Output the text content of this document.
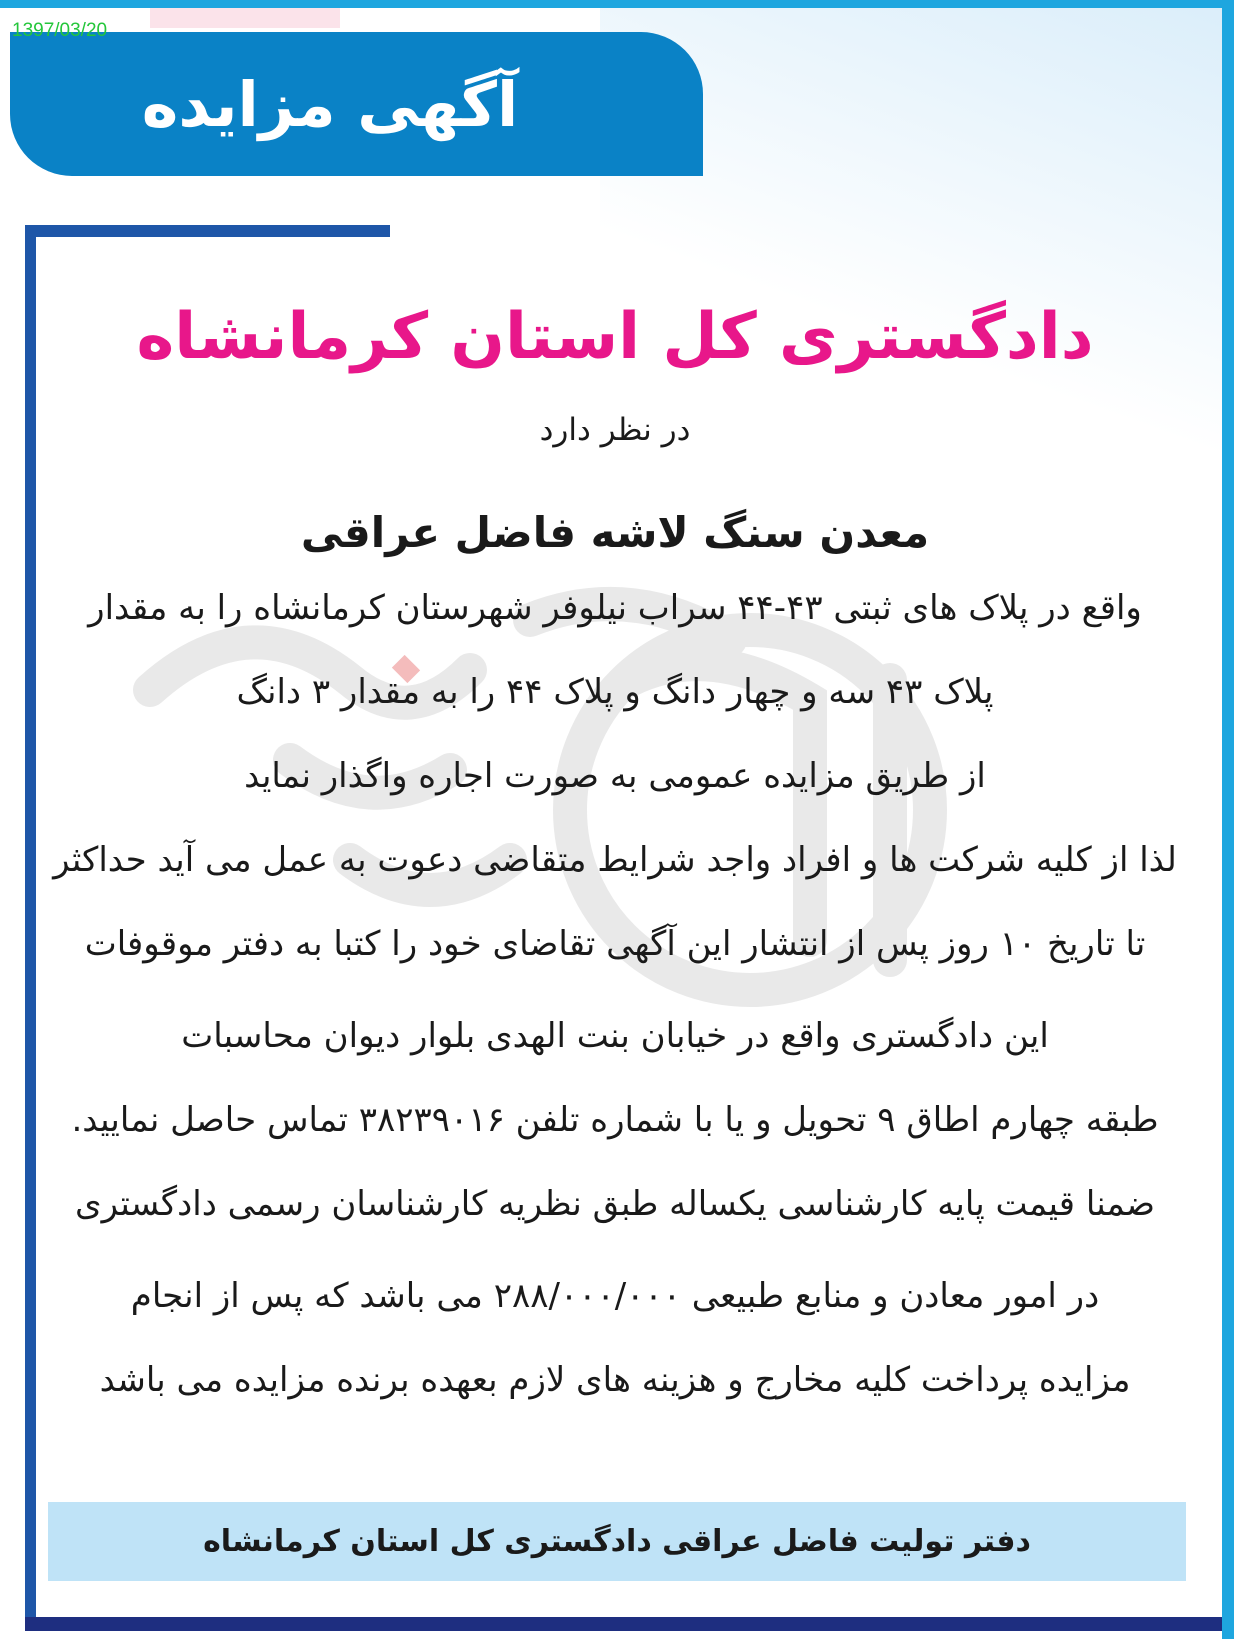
آگهی مزایده
1397/03/20
دادگستری کل استان کرمانشاه
در نظر دارد
معدن سنگ لاشه فاضل عراقی
واقع در پلاک های ثبتی ۴۳-۴۴ سراب نیلوفر شهرستان کرمانشاه را به مقدار
پلاک ۴۳ سه و چهار دانگ و پلاک ۴۴ را به مقدار ۳ دانگ
از طریق مزایده عمومی به صورت اجاره واگذار نماید
لذا از کلیه شرکت ها و افراد واجد شرایط متقاضی دعوت به عمل می آید حداکثر
تا تاریخ ۱۰ روز پس از انتشار این آگهی تقاضای خود را کتبا به دفتر موقوفات
این دادگستری واقع در خیابان بنت الهدی بلوار دیوان محاسبات
طبقه چهارم اطاق ۹ تحویل و یا با شماره تلفن ۳۸۲۳۹۰۱۶ تماس حاصل نمایید.
ضمنا قیمت پایه کارشناسی یکساله طبق نظریه کارشناسان رسمی دادگستری
در امور معادن و منابع طبیعی ۲۸۸/۰۰۰/۰۰۰ می باشد که پس از انجام
مزایده پرداخت کلیه مخارج و هزینه های لازم بعهده برنده مزایده می باشد
دفتر تولیت فاضل عراقی دادگستری کل استان کرمانشاه
